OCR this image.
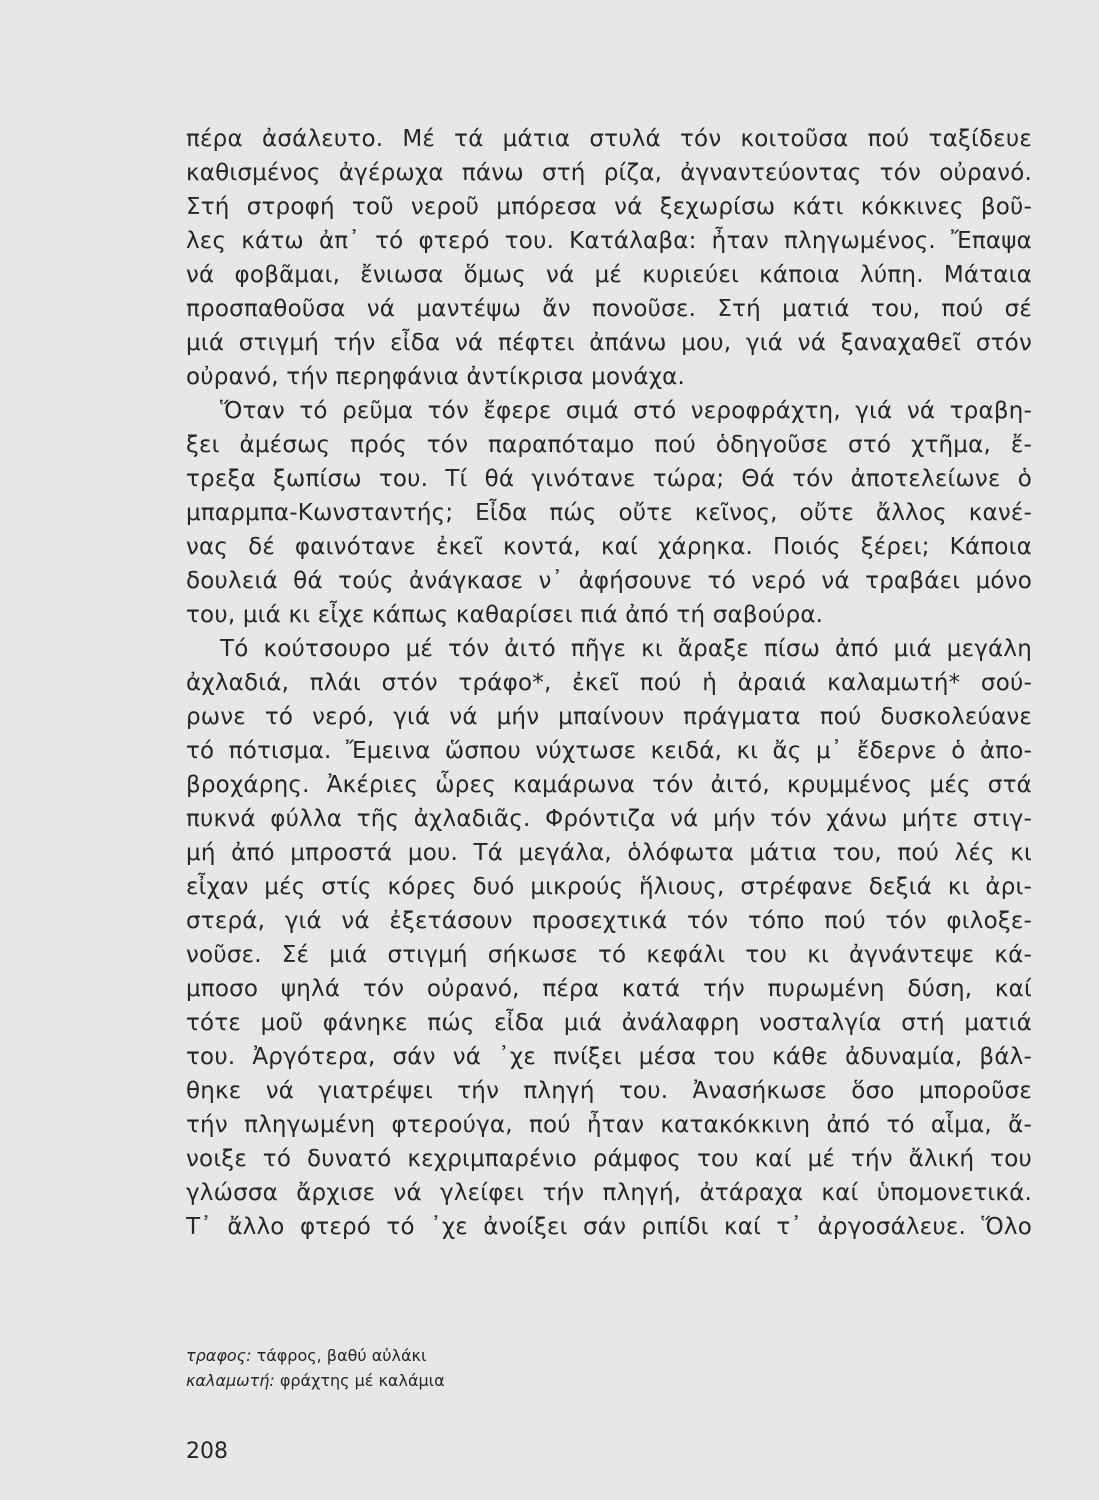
πέρα ἀσάλευτο. Μέ τά μάτια στυλά τόν κοιτοῦσα πού ταξίδευε
καθισμένος ἀγέρωχα πάνω στή ρίζα, ἀγναντεύοντας τόν οὐρανό.
Στή στροφή τοῦ νεροῦ μπόρεσα νά ξεχωρίσω κάτι κόκκινες βοῦ-
λες κάτω ἀπ᾽ τό φτερό του. Κατάλαβα: ἦταν πληγωμένος. Ἔπαψα
νά φοβᾶμαι, ἔνιωσα ὅμως νά μέ κυριεύει κάποια λύπη. Μάταια
προσπαθοῦσα νά μαντέψω ἄν πονοῦσε. Στή ματιά του, πού σέ
μιά στιγμή τήν εἶδα νά πέφτει ἀπάνω μου, γιά νά ξαναχαθεῖ στόν
οὐρανό, τήν περηφάνια ἀντίκρισα μονάχα.
Ὅταν τό ρεῦμα τόν ἔφερε σιμά στό νεροφράχτη, γιά νά τραβη-
ξει ἀμέσως πρός τόν παραπόταμο πού ὁδηγοῦσε στό χτῆμα, ἔ-
τρεξα ξωπίσω του. Τί θά γινότανε τώρα; Θά τόν ἀποτελείωνε ὁ
μπαρμπα-Κωνσταντής; Εἶδα πώς οὔτε κεῖνος, οὔτε ἄλλος κανέ-
νας δέ φαινότανε ἐκεῖ κοντά, καί χάρηκα. Ποιός ξέρει; Κάποια
δουλειά θά τούς ἀνάγκασε ν᾽ ἀφήσουνε τό νερό νά τραβάει μόνο
του, μιά κι εἶχε κάπως καθαρίσει πιά ἀπό τή σαβούρα.
Τό κούτσουρο μέ τόν ἀιτό πῆγε κι ἄραξε πίσω ἀπό μιά μεγάλη
ἀχλαδιά, πλάι στόν τράφο*, ἐκεῖ πού ἡ ἀραιά καλαμωτή* σού-
ρωνε τό νερό, γιά νά μήν μπαίνουν πράγματα πού δυσκολεύανε
τό πότισμα. Ἔμεινα ὥσπου νύχτωσε κειδά, κι ἄς μ᾽ ἔδερνε ὁ ἀπο-
βροχάρης. Ἀκέριες ὧρες καμάρωνα τόν ἀιτό, κρυμμένος μές στά
πυκνά φύλλα τῆς ἀχλαδιᾶς. Φρόντιζα νά μήν τόν χάνω μήτε στιγ-
μή ἀπό μπροστά μου. Τά μεγάλα, ὁλόφωτα μάτια του, πού λές κι
εἶχαν μές στίς κόρες δυό μικρούς ἥλιους, στρέφανε δεξιά κι ἀρι-
στερά, γιά νά ἐξετάσουν προσεχτικά τόν τόπο πού τόν φιλοξε-
νοῦσε. Σέ μιά στιγμή σήκωσε τό κεφάλι του κι ἀγνάντεψε κά-
μποσο ψηλά τόν οὐρανό, πέρα κατά τήν πυρωμένη δύση, καί
τότε μοῦ φάνηκε πώς εἶδα μιά ἀνάλαφρη νοσταλγία στή ματιά
του. Ἀργότερα, σάν νά ᾽χε πνίξει μέσα του κάθε ἀδυναμία, βάλ-
θηκε νά γιατρέψει τήν πληγή του. Ἀνασήκωσε ὅσο μποροῦσε
τήν πληγωμένη φτερούγα, πού ἦταν κατακόκκινη ἀπό τό αἷμα, ἄ-
νοιξε τό δυνατό κεχριμπαρένιο ράμφος του καί μέ τήν ἄλική του
γλώσσα ἄρχισε νά γλείφει τήν πληγή, ἀτάραχα καί ὑπομονετικά.
Τ᾽ ἄλλο φτερό τό ᾽χε ἀνοίξει σάν ριπίδι καί τ᾽ ἀργοσάλευε. Ὅλο
τραφος: τάφρος, βαθύ αὐλάκι
καλαμωτή: φράχτης μέ καλάμια
208
